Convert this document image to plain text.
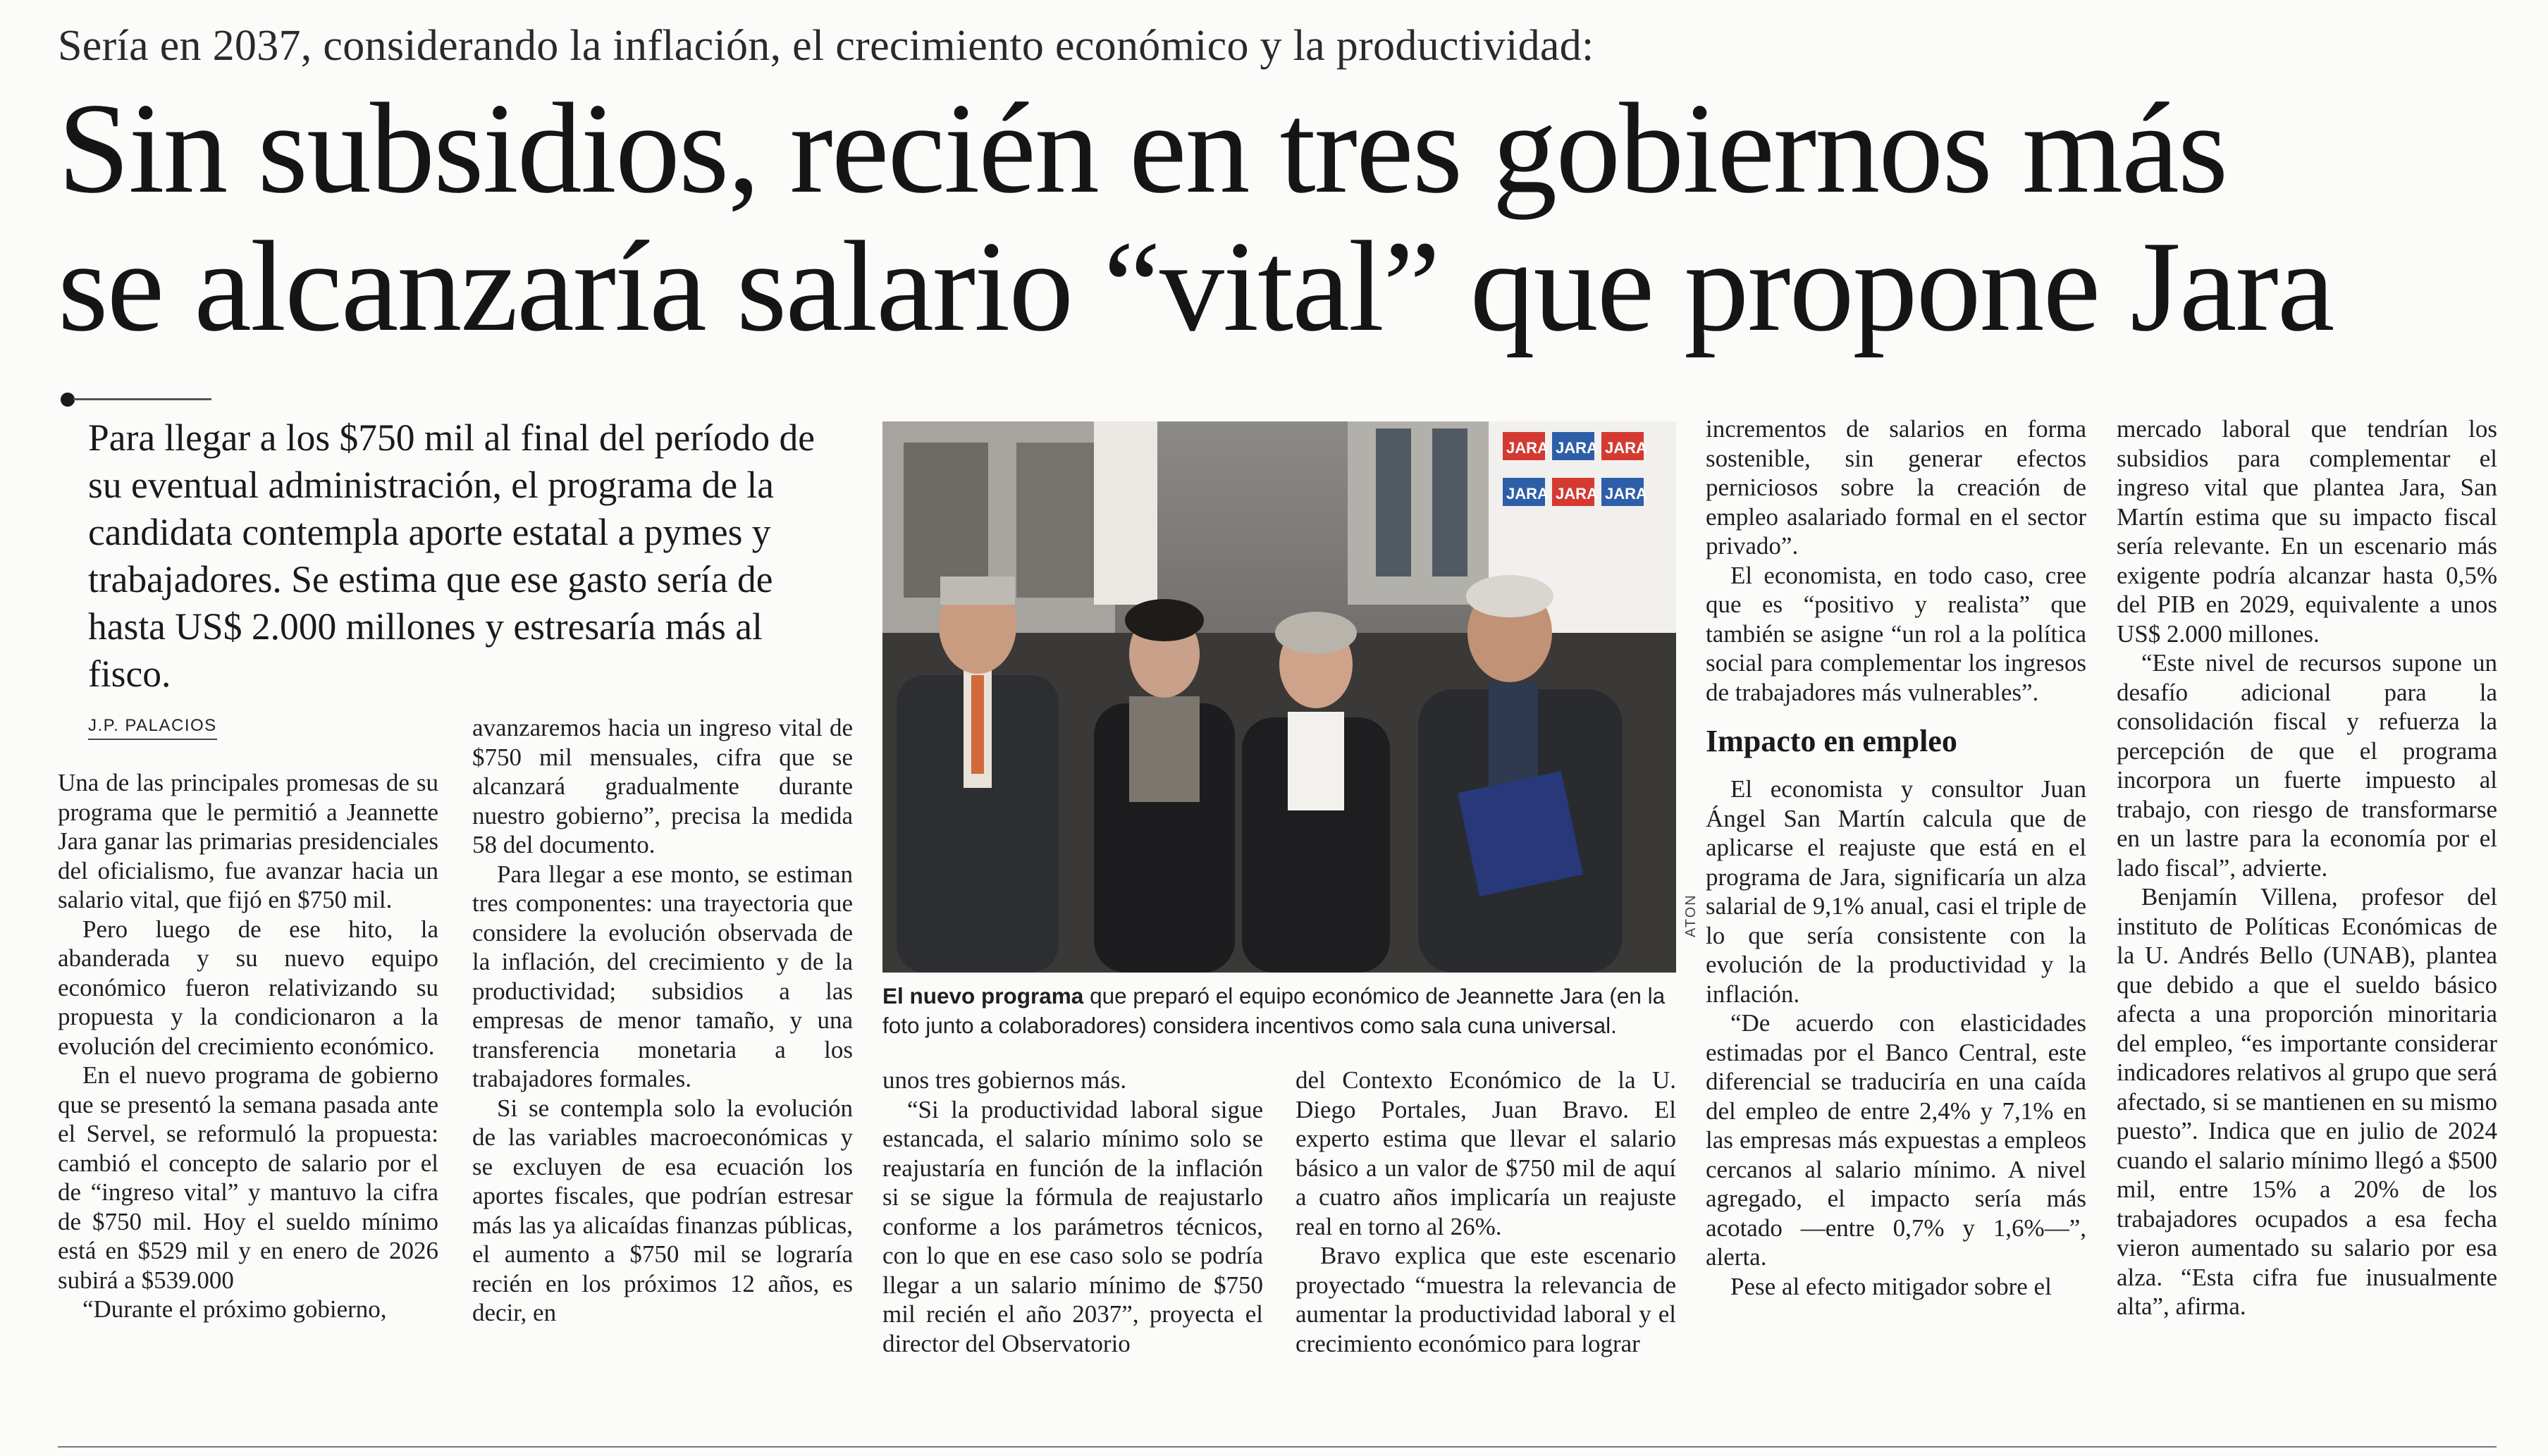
Sería en 2037, considerando la inflación, el crecimiento económico y la productividad:
Sin subsidios, recién en tres gobiernos más
se alcanzaría salario “vital” que propone Jara
Para llegar a los $750 mil al final del período de su eventual administración, el programa de la candidata contempla aporte estatal a pymes y trabajadores. Se estima que ese gasto sería de hasta US$ 2.000 millones y estresaría más al fisco.
J.P. PALACIOS

Una de las principales promesas de su programa que le permitió a Jeannette Jara ganar las primarias presidenciales del oficialismo, fue avanzar hacia un salario vital, que fijó en $750 mil.

Pero luego de ese hito, la abanderada y su nuevo equipo económico fueron relativizando su propuesta y la condicionaron a la evolución del crecimiento económico.

En el nuevo programa de gobierno que se presentó la semana pasada ante el Servel, se reformuló la propuesta: cambió el concepto de salario por el de “ingreso vital” y mantuvo la cifra de $750 mil. Hoy el sueldo mínimo está en $529 mil y en enero de 2026 subirá a $539.000

“Durante el próximo gobierno,

avanzaremos hacia un ingreso vital de $750 mil mensuales, cifra que se alcanzará gradualmente durante nuestro gobierno”, precisa la medida 58 del documento.

Para llegar a ese monto, se estiman tres componentes: una trayectoria que considere la evolución observada de la inflación, del crecimiento y de la productividad; subsidios a las empresas de menor tamaño, y una transferencia monetaria a los trabajadores formales.

Si se contempla solo la evolución de las variables macroeconómicas y se excluyen de esa ecuación los aportes fiscales, que podrían estresar más las ya alicaídas finanzas públicas, el aumento a $750 mil se lograría recién en los próximos 12 años, es decir, en

JARA JARA JARA
JARA JARA JARA
ATON
El nuevo programa que preparó el equipo económico de Jeannette Jara (en la foto junto a colaboradores) considera incentivos como sala cuna universal.

unos tres gobiernos más.

“Si la productividad laboral sigue estancada, el salario mínimo solo se reajustaría en función de la inflación si se sigue la fórmula de reajustarlo conforme a los parámetros técnicos, con lo que en ese caso solo se podría llegar a un salario mínimo de $750 mil recién el año 2037”, proyecta el director del Observatorio

del Contexto Económico de la U. Diego Portales, Juan Bravo. El experto estima que llevar el salario básico a un valor de $750 mil de aquí a cuatro años implicaría un reajuste real en torno al 26%.

Bravo explica que este escenario proyectado “muestra la relevancia de aumentar la productividad laboral y el crecimiento económico para lograr

incrementos de salarios en forma sostenible, sin generar efectos perniciosos sobre la creación de empleo asalariado formal en el sector privado”.

El economista, en todo caso, cree que es “positivo y realista” que también se asigne “un rol a la política social para complementar los ingresos de trabajadores más vulnerables”.

Impacto en empleo

El economista y consultor Juan Ángel San Martín calcula que de aplicarse el reajuste que está en el programa de Jara, significaría un alza salarial de 9,1% anual, casi el triple de lo que sería consistente con la evolución de la productividad y la inflación.

“De acuerdo con elasticidades estimadas por el Banco Central, este diferencial se traduciría en una caída del empleo de entre 2,4% y 7,1% en las empresas más expuestas a empleos cercanos al salario mínimo. A nivel agregado, el impacto sería más acotado —entre 0,7% y 1,6%—”, alerta.

Pese al efecto mitigador sobre el

mercado laboral que tendrían los subsidios para complementar el ingreso vital que plantea Jara, San Martín estima que su impacto fiscal sería relevante. En un escenario más exigente podría alcanzar hasta 0,5% del PIB en 2029, equivalente a unos US$ 2.000 millones.

“Este nivel de recursos supone un desafío adicional para la consolidación fiscal y refuerza la percepción de que el programa incorpora un fuerte impuesto al trabajo, con riesgo de transformarse en un lastre para la economía por el lado fiscal”, advierte.

Benjamín Villena, profesor del instituto de Políticas Económicas de la U. Andrés Bello (UNAB), plantea que debido a que el sueldo básico afecta a una proporción minoritaria del empleo, “es importante considerar indicadores relativos al grupo que será afectado, si se mantienen en su mismo puesto”. Indica que en julio de 2024 cuando el salario mínimo llegó a $500 mil, entre 15% a 20% de los trabajadores ocupados a esa fecha vieron aumentado su salario por esa alza. “Esta cifra fue inusualmente alta”, afirma.
